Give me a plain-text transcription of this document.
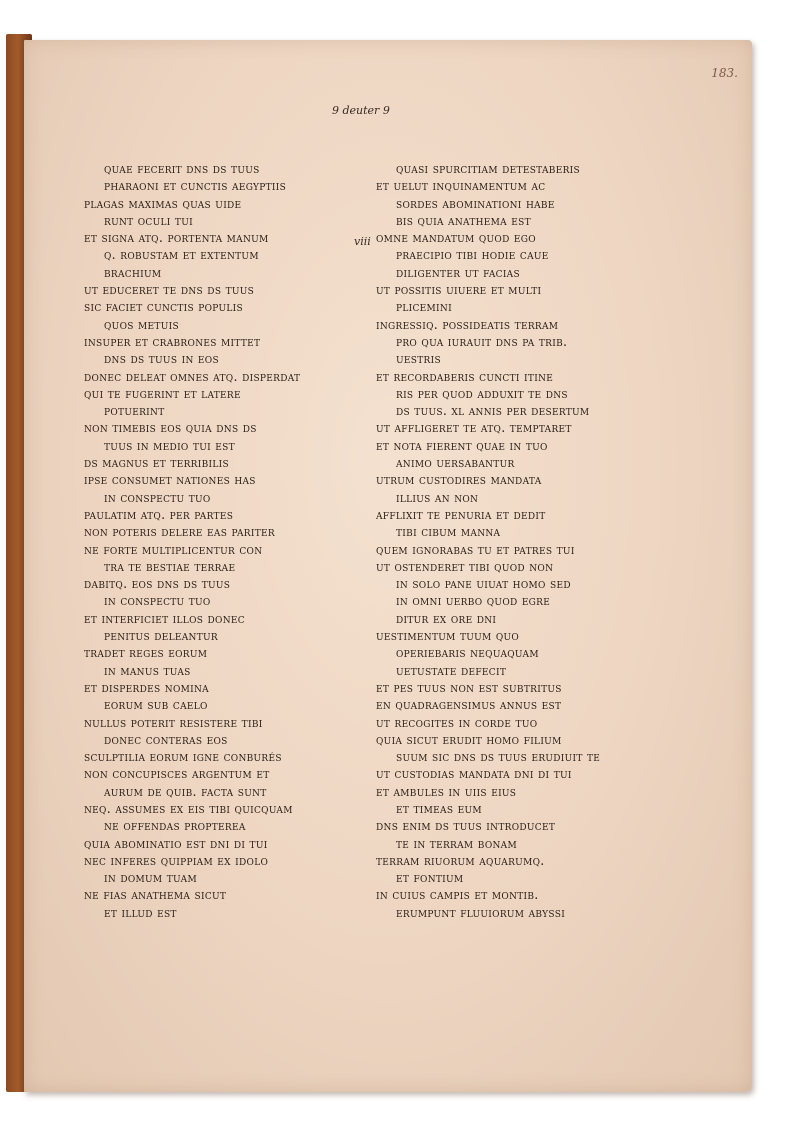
183.
9 deuter 9
viii
quae fecerit dns ds tuus
pharaoni et cunctis aegyptiis
plagas maximas quas uide
runt oculi tui
et signa atq. portenta manum
q. robustam et extentum
brachium
ut educeret te dns ds tuus
sic faciet cunctis populis
quos metuis
insuper et crabrones mittet
dns ds tuus in eos
donec deleat omnes atq. disperdat
qui te fugerint et latere
potuerint
non timebis eos quia dns ds
tuus in medio tui est
ds magnus et terribilis
ipse consumet nationes has
in conspectu tuo
paulatim atq. per partes
non poteris delere eas pariter
ne forte multiplicentur con
tra te bestiae terrae
dabitq. eos dns ds tuus
in conspectu tuo
et interficiet illos donec
penitus deleantur
tradet reges eorum
in manus tuas
et disperdes nomina
eorum sub caelo
nullus poterit resistere tibi
donec conteras eos
sculptilia eorum igne conburés
non concupisces argentum et
aurum de quib. facta sunt
neq. assumes ex eis tibi quicquam
ne offendas propterea
quia abominatio est dni di tui
nec inferes quippiam ex idolo
in domum tuam
ne fias anathema sicut
et illud est
quasi spurcitiam detestaberis
et uelut inquinamentum ac
sordes abominationi habe
bis quia anathema est
omne mandatum quod ego
praecipio tibi hodie caue
diligenter ut facias
ut possitis uiuere et multi
plicemini
ingressiq. possideatis terram
pro qua iurauit dns pa trib.
uestris
et recordaberis cuncti itine
ris per quod adduxit te dns
ds tuus. xl annis per desertum
ut affligeret te atq. temptaret
et nota fierent quae in tuo
animo uersabantur
utrum custodires mandata
illius an non
afflixit te penuria et dedit
tibi cibum manna
quem ignorabas tu et patres tui
ut ostenderet tibi quod non
in solo pane uiuat homo sed
in omni uerbo quod egre
ditur ex ore dni
uestimentum tuum quo
operiebaris nequaquam
uetustate defecit
et pes tuus non est subtritus
en quadragensimus annus est
ut recogites in corde tuo
quia sicut erudit homo filium
suum sic dns ds tuus erudiuit te
ut custodias mandata dni di tui
et ambules in uiis eius
et timeas eum
dns enim ds tuus introducet
te in terram bonam
terram riuorum aquarumq.
et fontium
in cuius campis et montib.
erumpunt fluuiorum abyssi
